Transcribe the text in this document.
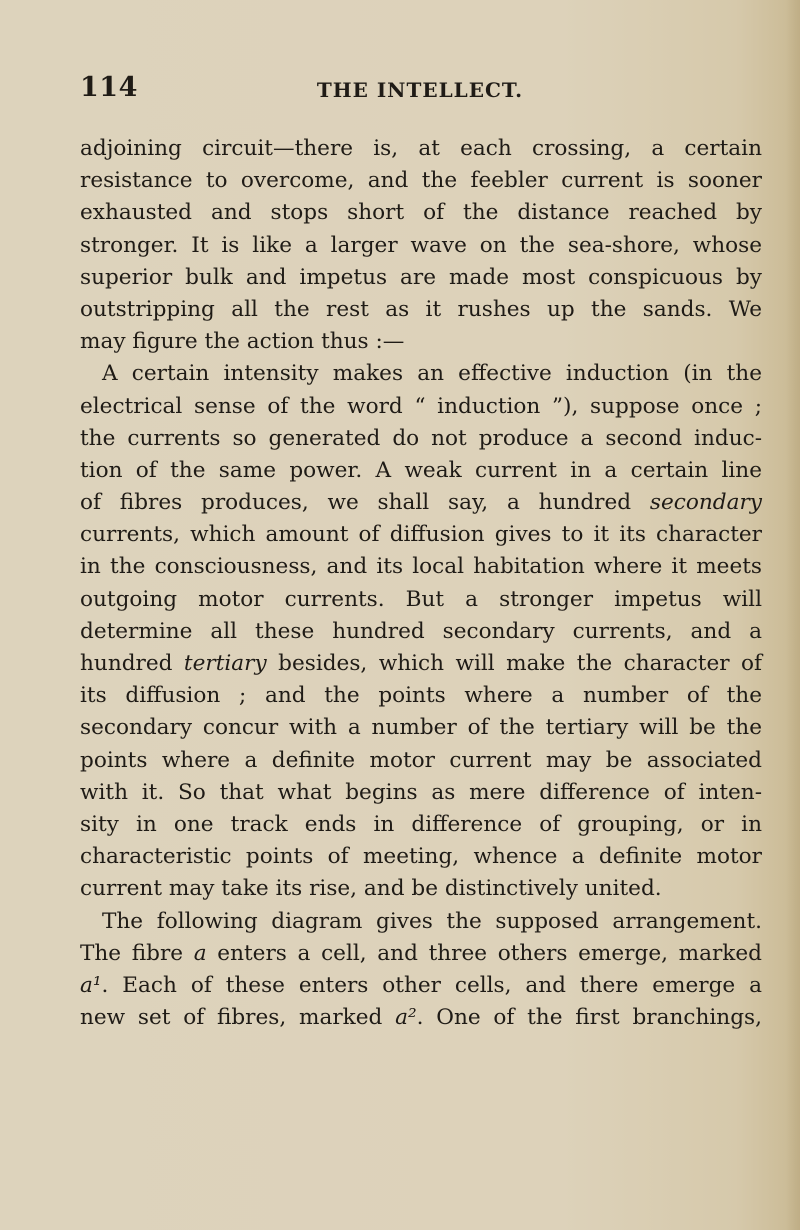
114	THE INTELLECT.
adjoining circuit—there is, at each crossing, a certain
resistance to overcome, and the feebler current is sooner
exhausted and stops short of the distance reached by
stronger. It is like a larger wave on the sea-shore, whose
superior bulk and impetus are made most conspicuous by
outstripping all the rest as it rushes up the sands. We
may figure the action thus :—
A certain intensity makes an effective induction (in the
electrical sense of the word “ induction ”), suppose once ;
the currents so generated do not produce a second induc-
tion of the same power. A weak current in a certain line
of fibres produces, we shall say, a hundred secondary
currents, which amount of diffusion gives to it its character
in the consciousness, and its local habitation where it meets
outgoing motor currents. But a stronger impetus will
determine all these hundred secondary currents, and a
hundred tertiary besides, which will make the character of
its diffusion ; and the points where a number of the
secondary concur with a number of the tertiary will be the
points where a definite motor current may be associated
with it. So that what begins as mere difference of inten-
sity in one track ends in difference of grouping, or in
characteristic points of meeting, whence a definite motor
current may take its rise, and be distinctively united.
The following diagram gives the supposed arrangement.
The fibre a enters a cell, and three others emerge, marked
a¹. Each of these enters other cells, and there emerge a
new set of fibres, marked a². One of the first branchings,
